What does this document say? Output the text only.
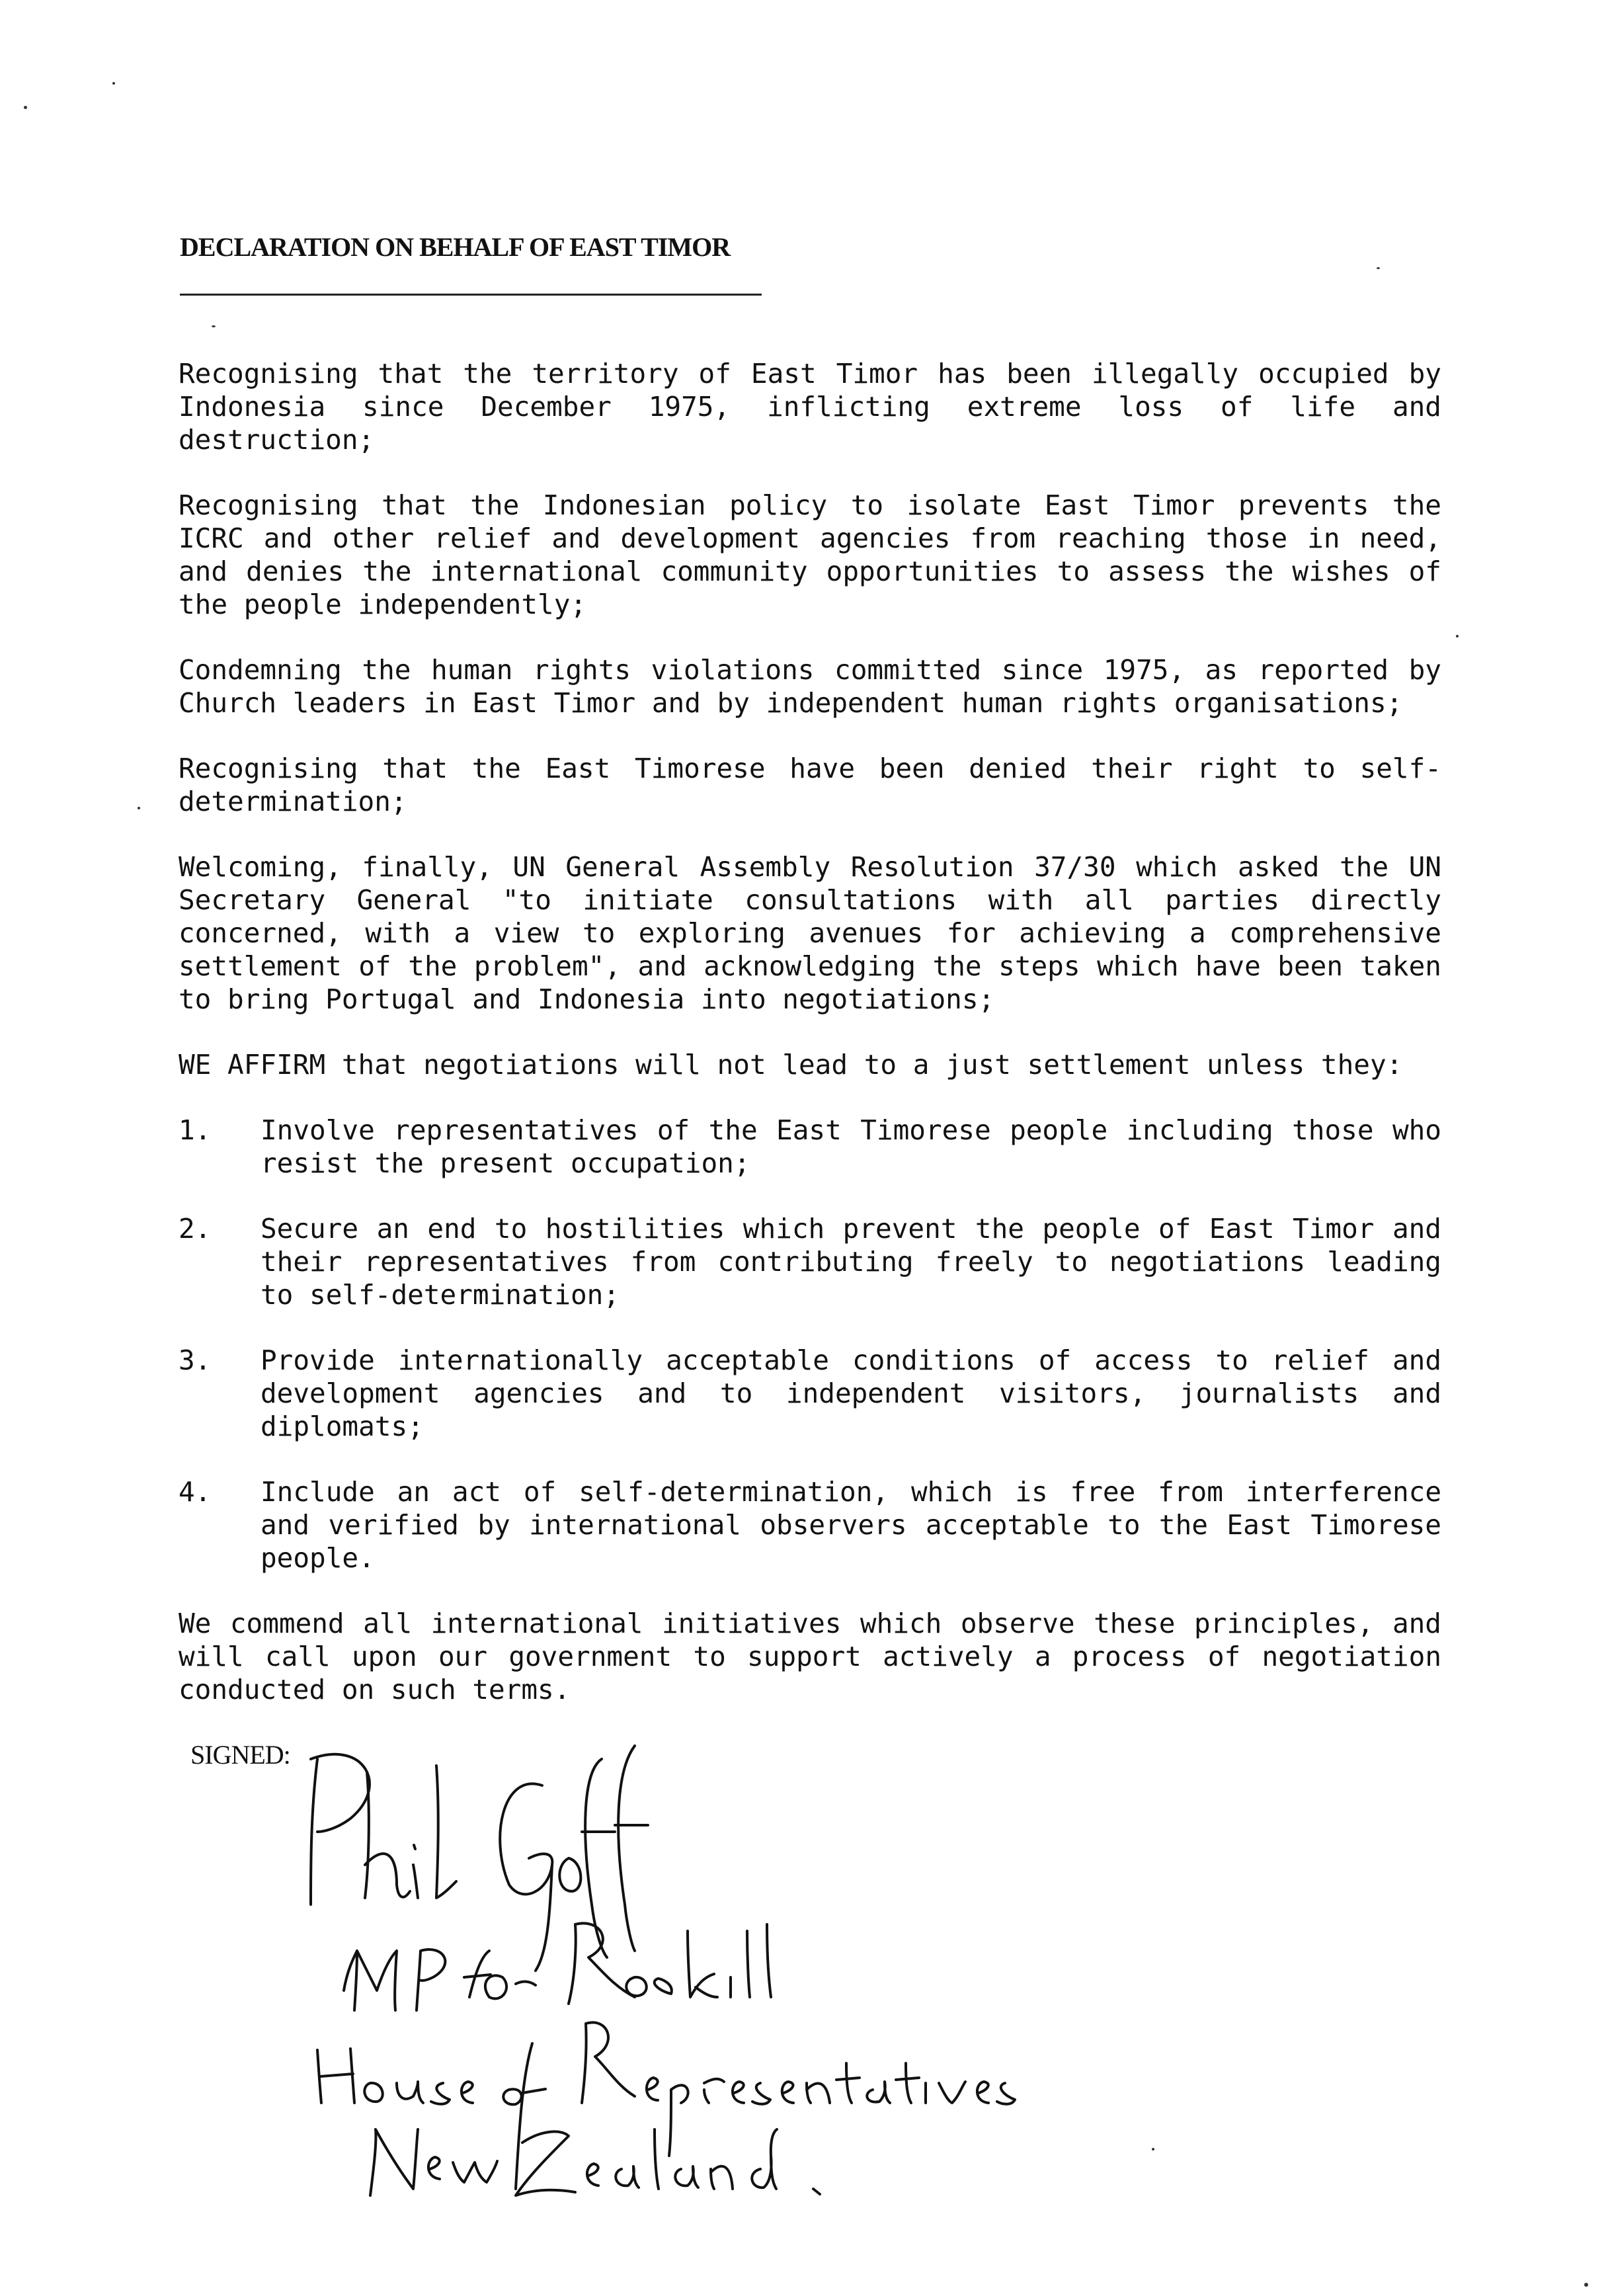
DECLARATION ON BEHALF OF EAST TIMOR

Recognising that the territory of East Timor has been illegally occupied by Indonesia since December 1975, inflicting extreme loss of life and destruction;

Recognising that the Indonesian policy to isolate East Timor prevents the ICRC and other relief and development agencies from reaching those in need, and denies the international community opportunities to assess the wishes of the people independently;

Condemning the human rights violations committed since 1975, as reported by Church leaders in East Timor and by independent human rights organisations;

Recognising that the East Timorese have been denied their right to self-determination;

Welcoming, finally, UN General Assembly Resolution 37/30 which asked the UN Secretary General "to initiate consultations with all parties directly concerned, with a view to exploring avenues for achieving a comprehensive settlement of the problem", and acknowledging the steps which have been taken to bring Portugal and Indonesia into negotiations;

WE AFFIRM that negotiations will not lead to a just settlement unless they:

1.	Involve representatives of the East Timorese people including those who resist the present occupation;

2.	Secure an end to hostilities which prevent the people of East Timor and their representatives from contributing freely to negotiations leading to self-determination;

3.	Provide internationally acceptable conditions of access to relief and development agencies and to independent visitors, journalists and diplomats;

4.	Include an act of self-determination, which is free from interference and verified by international observers acceptable to the East Timorese people.

We commend all international initiatives which observe these principles, and will call upon our government to support actively a process of negotiation conducted on such terms.

SIGNED:
